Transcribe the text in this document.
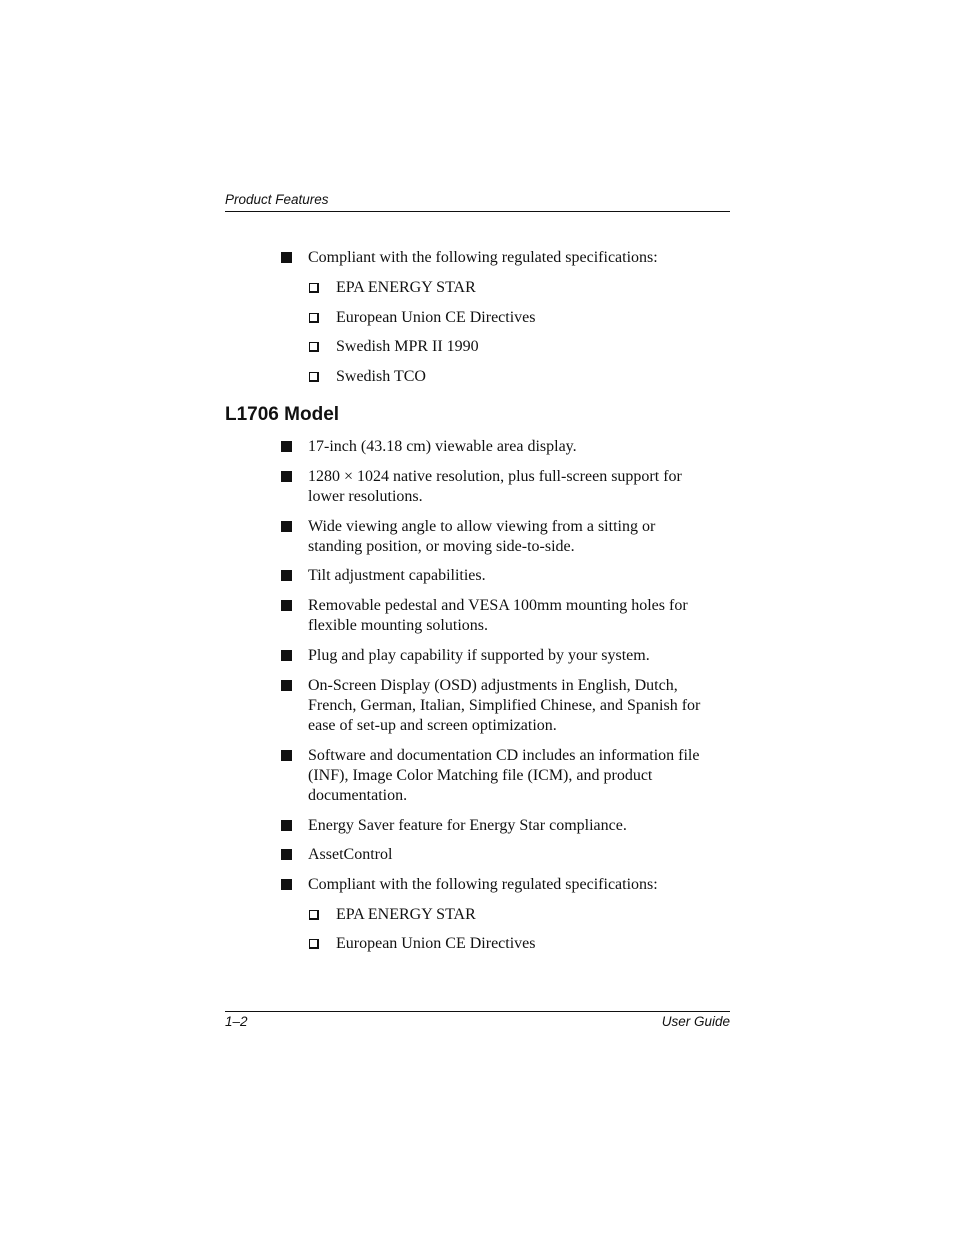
Product Features
Compliant with the following regulated specifications:
EPA ENERGY STAR
European Union CE Directives
Swedish MPR II 1990
Swedish TCO
L1706 Model
17-inch (43.18 cm) viewable area display.
1280 × 1024 native resolution, plus full-screen support for
lower resolutions.
Wide viewing angle to allow viewing from a sitting or
standing position, or moving side-to-side.
Tilt adjustment capabilities.
Removable pedestal and VESA 100mm mounting holes for
flexible mounting solutions.
Plug and play capability if supported by your system.
On-Screen Display (OSD) adjustments in English, Dutch,
French, German, Italian, Simplified Chinese, and Spanish for
ease of set-up and screen optimization.
Software and documentation CD includes an information file
(INF), Image Color Matching file (ICM), and product
documentation.
Energy Saver feature for Energy Star compliance.
AssetControl
Compliant with the following regulated specifications:
EPA ENERGY STAR
European Union CE Directives
1–2	User Guide
